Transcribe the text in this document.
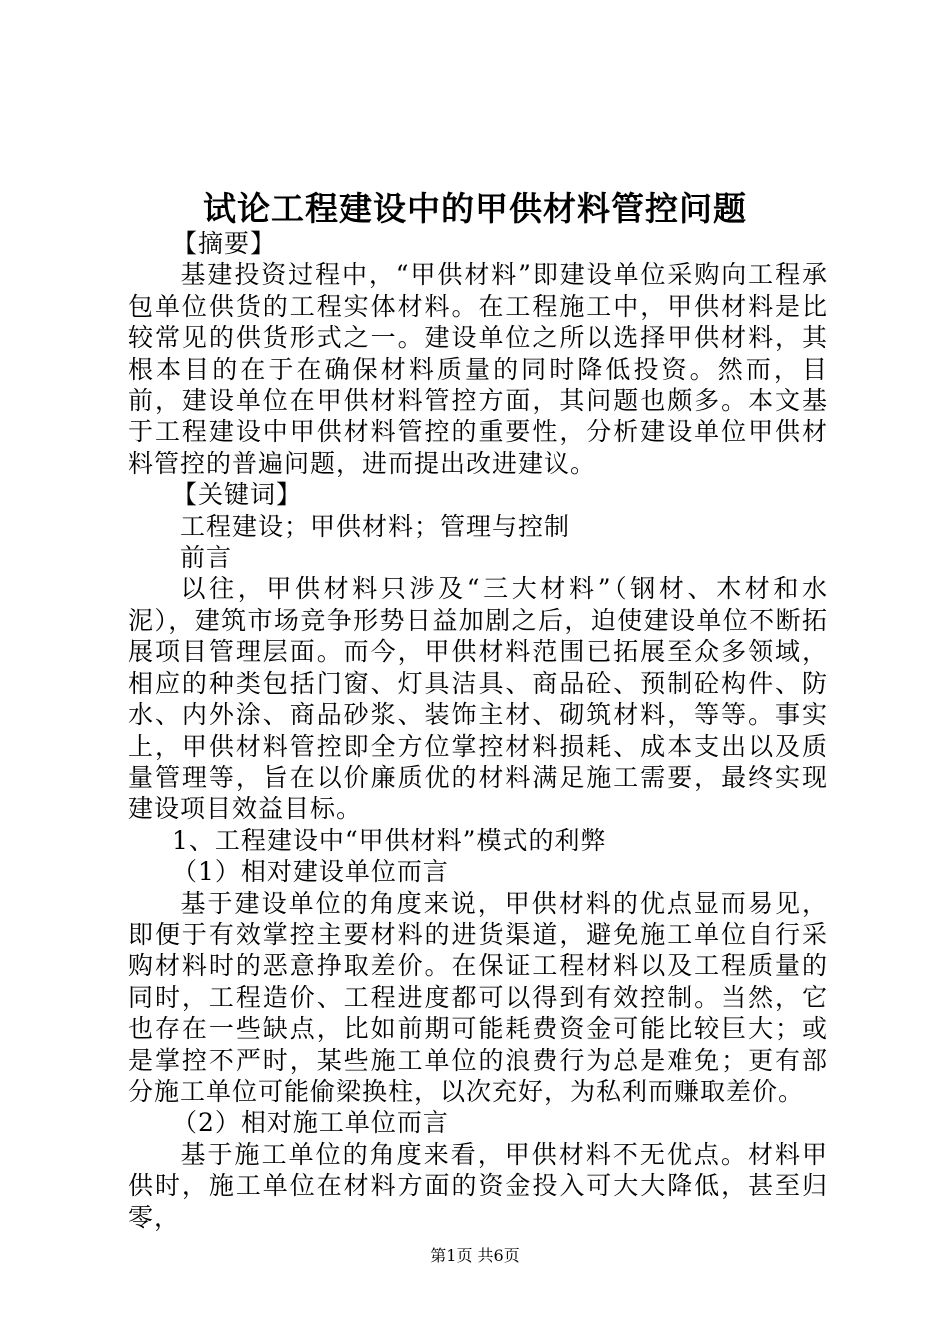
试论工程建设中的甲供材料管控问题

【摘要】

基建投资过程中，“甲供材料”即建设单位采购向工程承包单位供货的工程实体材料。在工程施工中，甲供材料是比较常见的供货形式之一。建设单位之所以选择甲供材料，其根本目的在于在确保材料质量的同时降低投资。然而，目前，建设单位在甲供材料管控方面，其问题也颇多。本文基于工程建设中甲供材料管控的重要性，分析建设单位甲供材料管控的普遍问题，进而提出改进建议。

【关键词】

工程建设；甲供材料；管理与控制

前言

以往，甲供材料只涉及“三大材料”（钢材、木材和水泥），建筑市场竞争形势日益加剧之后，迫使建设单位不断拓展项目管理层面。而今，甲供材料范围已拓展至众多领域，相应的种类包括门窗、灯具洁具、商品砼、预制砼构件、防水、内外涂、商品砂浆、装饰主材、砌筑材料，等等。事实上，甲供材料管控即全方位掌控材料损耗、成本支出以及质量管理等，旨在以价廉质优的材料满足施工需要，最终实现建设项目效益目标。

1、工程建设中“甲供材料”模式的利弊

（1）相对建设单位而言

基于建设单位的角度来说，甲供材料的优点显而易见，即便于有效掌控主要材料的进货渠道，避免施工单位自行采购材料时的恶意挣取差价。在保证工程材料以及工程质量的同时，工程造价、工程进度都可以得到有效控制。当然，它也存在一些缺点，比如前期可能耗费资金可能比较巨大；或是掌控不严时，某些施工单位的浪费行为总是难免；更有部分施工单位可能偷梁换柱，以次充好，为私利而赚取差价。

（2）相对施工单位而言

基于施工单位的角度来看，甲供材料不无优点。材料甲供时，施工单位在材料方面的资金投入可大大降低，甚至归零，

第1页 共6页
